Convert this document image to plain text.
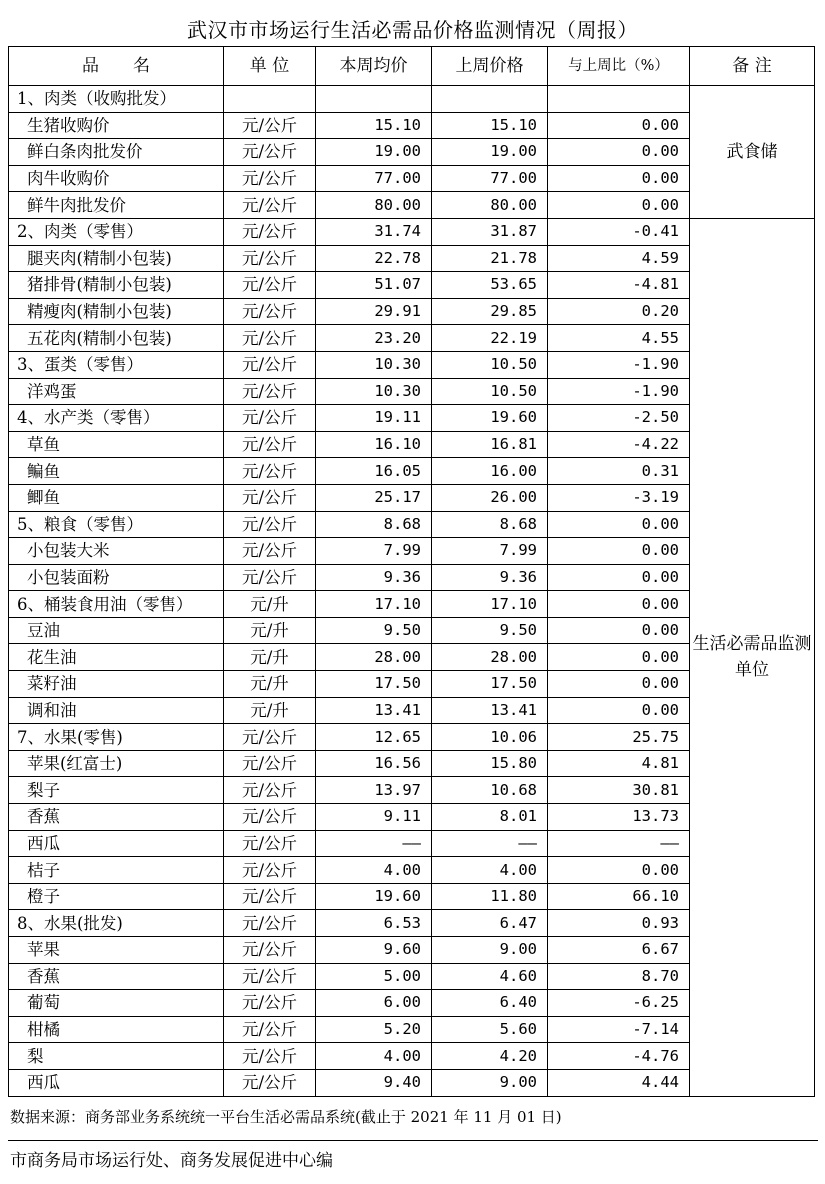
武汉市市场运行生活必需品价格监测情况（周报）
品　　名	单 位	本周均价	上周价格	与上周比（%）	备 注
1、肉类（收购批发）					武食储
生猪收购价	元/公斤	15.10	15.10	0.00	
鲜白条肉批发价	元/公斤	19.00	19.00	0.00	
肉牛收购价	元/公斤	77.00	77.00	0.00	
鲜牛肉批发价	元/公斤	80.00	80.00	0.00	
2、肉类（零售）	元/公斤	31.74	31.87	-0.41	生活必需品监测单位
腿夹肉(精制小包装)	元/公斤	22.78	21.78	4.59	
猪排骨(精制小包装)	元/公斤	51.07	53.65	-4.81	
精瘦肉(精制小包装)	元/公斤	29.91	29.85	0.20	
五花肉(精制小包装)	元/公斤	23.20	22.19	4.55	
3、蛋类（零售）	元/公斤	10.30	10.50	-1.90	
洋鸡蛋	元/公斤	10.30	10.50	-1.90	
4、水产类（零售）	元/公斤	19.11	19.60	-2.50	
草鱼	元/公斤	16.10	16.81	-4.22	
鳊鱼	元/公斤	16.05	16.00	0.31	
鲫鱼	元/公斤	25.17	26.00	-3.19	
5、粮食（零售）	元/公斤	8.68	8.68	0.00	
小包装大米	元/公斤	7.99	7.99	0.00	
小包装面粉	元/公斤	9.36	9.36	0.00	
6、桶装食用油（零售）	元/升	17.10	17.10	0.00	
豆油	元/升	9.50	9.50	0.00	
花生油	元/升	28.00	28.00	0.00	
菜籽油	元/升	17.50	17.50	0.00	
调和油	元/升	13.41	13.41	0.00	
7、水果(零售)	元/公斤	12.65	10.06	25.75	
苹果(红富士)	元/公斤	16.56	15.80	4.81	
梨子	元/公斤	13.97	10.68	30.81	
香蕉	元/公斤	9.11	8.01	13.73	
西瓜	元/公斤	——	——	——	
桔子	元/公斤	4.00	4.00	0.00	
橙子	元/公斤	19.60	11.80	66.10	
8、水果(批发)	元/公斤	6.53	6.47	0.93	
苹果	元/公斤	9.60	9.00	6.67	
香蕉	元/公斤	5.00	4.60	8.70	
葡萄	元/公斤	6.00	6.40	-6.25	
柑橘	元/公斤	5.20	5.60	-7.14	
梨	元/公斤	4.00	4.20	-4.76	
西瓜	元/公斤	9.40	9.00	4.44	
数据来源：商务部业务系统统一平台生活必需品系统(截止于 2021 年 11 月 01 日)
市商务局市场运行处、商务发展促进中心编
